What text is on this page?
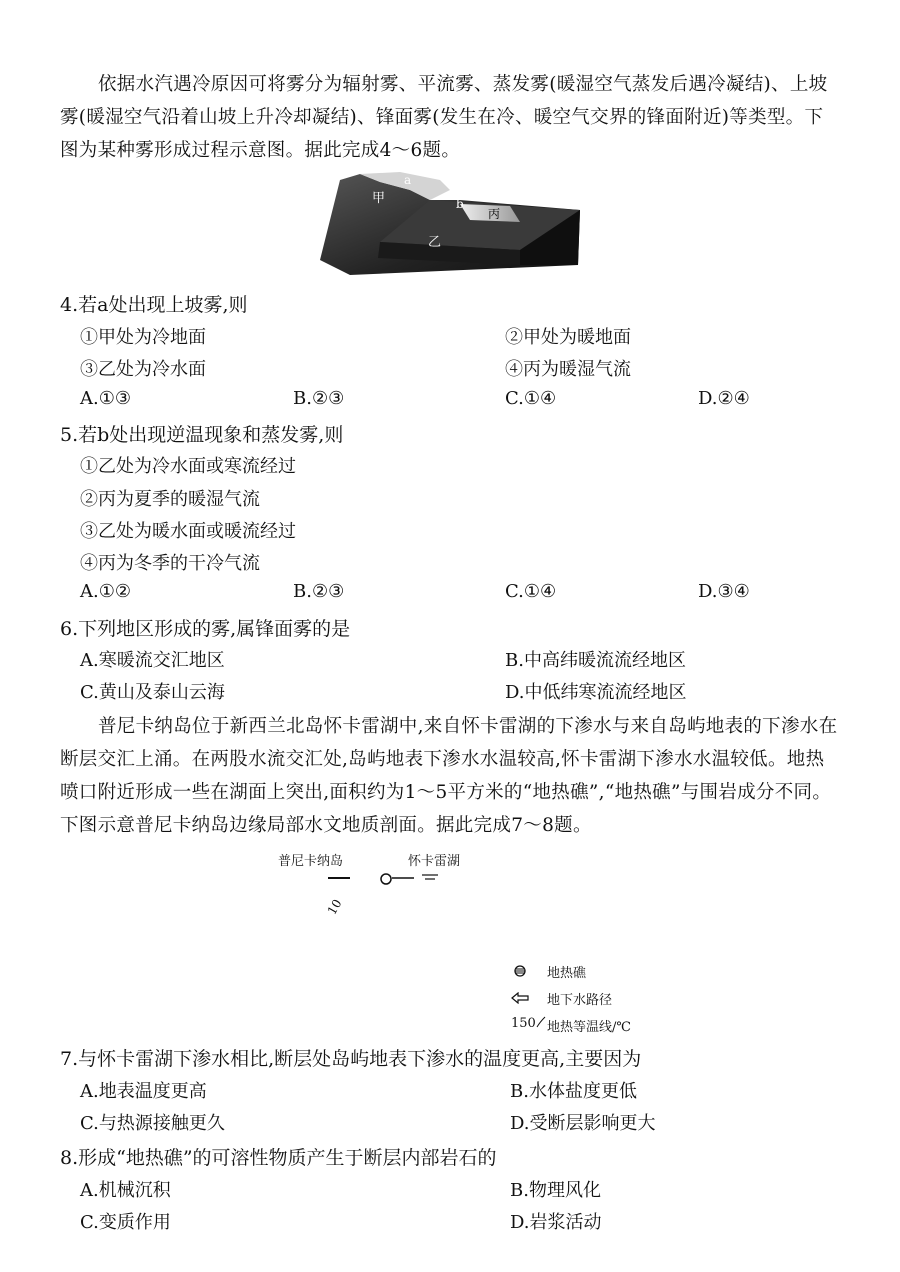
依据水汽遇冷原因可将雾分为辐射雾、平流雾、蒸发雾(暖湿空气蒸发后遇冷凝结)、上坡雾(暖湿空气沿着山坡上升冷却凝结)、锋面雾(发生在冷、暖空气交界的锋面附近)等类型。下图为某种雾形成过程示意图。据此完成4～6题。

a
甲	b
丙
乙

4.若a处出现上坡雾,则

①甲处为冷地面	②甲处为暖地面

③乙处为冷水面	④丙为暖湿气流

A.①③	B.②③	C.①④	D.②④

5.若b处出现逆温现象和蒸发雾,则

①乙处为冷水面或寒流经过

②丙为夏季的暖湿气流

③乙处为暖水面或暖流经过

④丙为冬季的干冷气流

A.①②	B.②③	C.①④	D.③④

6.下列地区形成的雾,属锋面雾的是

A.寒暖流交汇地区	B.中高纬暖流流经地区

C.黄山及泰山云海	D.中低纬寒流流经地区

普尼卡纳岛位于新西兰北岛怀卡雷湖中,来自怀卡雷湖的下渗水与来自岛屿地表的下渗水在断层交汇上涌。在两股水流交汇处,岛屿地表下渗水水温较高,怀卡雷湖下渗水水温较低。地热喷口附近形成一些在湖面上突出,面积约为1～5平方米的“地热礁”,“地热礁”与围岩成分不同。下图示意普尼卡纳岛边缘局部水文地质剖面。据此完成7～8题。

普尼卡纳岛	怀卡雷湖
10
地热礁
地下水路径
150 地热等温线/℃

7.与怀卡雷湖下渗水相比,断层处岛屿地表下渗水的温度更高,主要因为

A.地表温度更高	B.水体盐度更低

C.与热源接触更久	D.受断层影响更大

8.形成“地热礁”的可溶性物质产生于断层内部岩石的

A.机械沉积	B.物理风化

C.变质作用	D.岩浆活动
